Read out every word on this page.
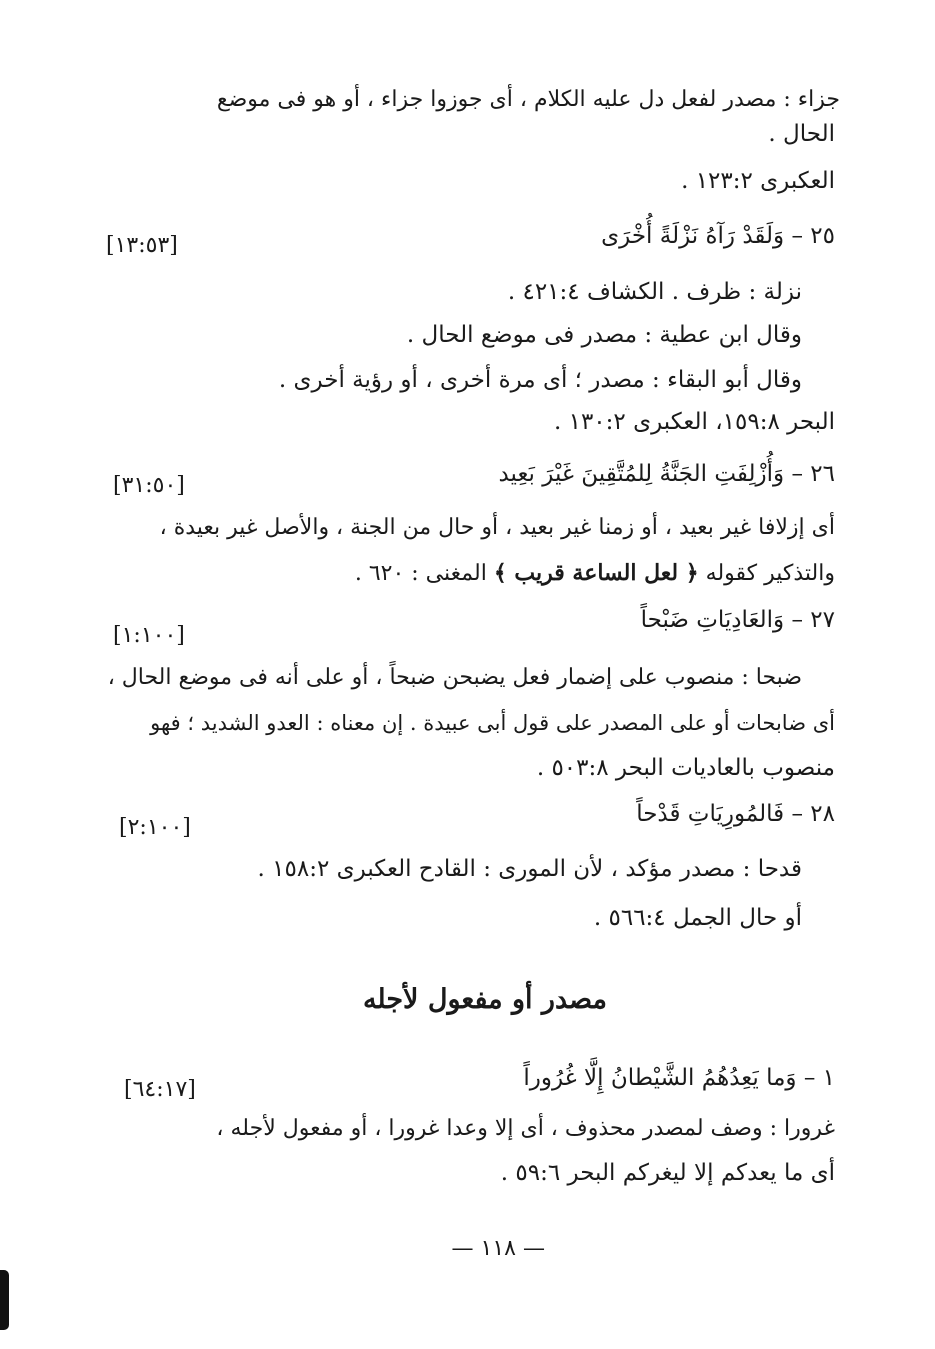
جزاء : مصدر لفعل دل عليه الكلام ، أى جوزوا جزاء ، أو هو فى موضع
الحال .
العكبرى ١٢٣:٢ .
٢٥ – وَلَقَدْ رَآهُ نَزْلَةً أُخْرَى
[١٣:٥٣]
نزلة : ظرف . الكشاف ٤٢١:٤ .
وقال ابن عطية : مصدر فى موضع الحال .
وقال أبو البقاء : مصدر ؛ أى مرة أخرى ، أو رؤية أخرى .
البحر ١٥٩:٨، العكبرى ١٣٠:٢ .
٢٦ – وَأُزْلِفَتِ الجَنَّةُ لِلمُتَّقِينَ غَيْرَ بَعِيد
[٣١:٥٠]
أى إزلافا غير بعيد ، أو زمنا غير بعيد ، أو حال من الجنة ، والأصل غير بعيدة ،
والتذكير كقوله ﴿ لعل الساعة قريب ﴾ المغنى : ٦٢٠ .
٢٧ – وَالعَادِيَاتِ ضَبْحاً
[١:١٠٠]
ضبحا : منصوب على إضمار فعل يضبحن ضبحاً ، أو على أنه فى موضع الحال ،
أى ضابحات أو على المصدر على قول أبى عبيدة . إن معناه : العدو الشديد ؛ فهو
منصوب بالعاديات البحر ٥٠٣:٨ .
٢٨ – فَالمُورِيَاتِ قَدْحاً
[٢:١٠٠]
قدحا : مصدر مؤكد ، لأن المورى : القادح العكبرى ١٥٨:٢ .
أو حال الجمل ٥٦٦:٤ .
مصدر أو مفعول لأجله
١ – وَما يَعِدُهُمُ الشَّيْطانُ إِلَّا غُرُوراً
[٦٤:١٧]
غرورا : وصف لمصدر محذوف ، أى إلا وعدا غرورا ، أو مفعول لأجله ،
أى ما يعدكم إلا ليغركم البحر ٥٩:٦ .
— ١١٨ —
